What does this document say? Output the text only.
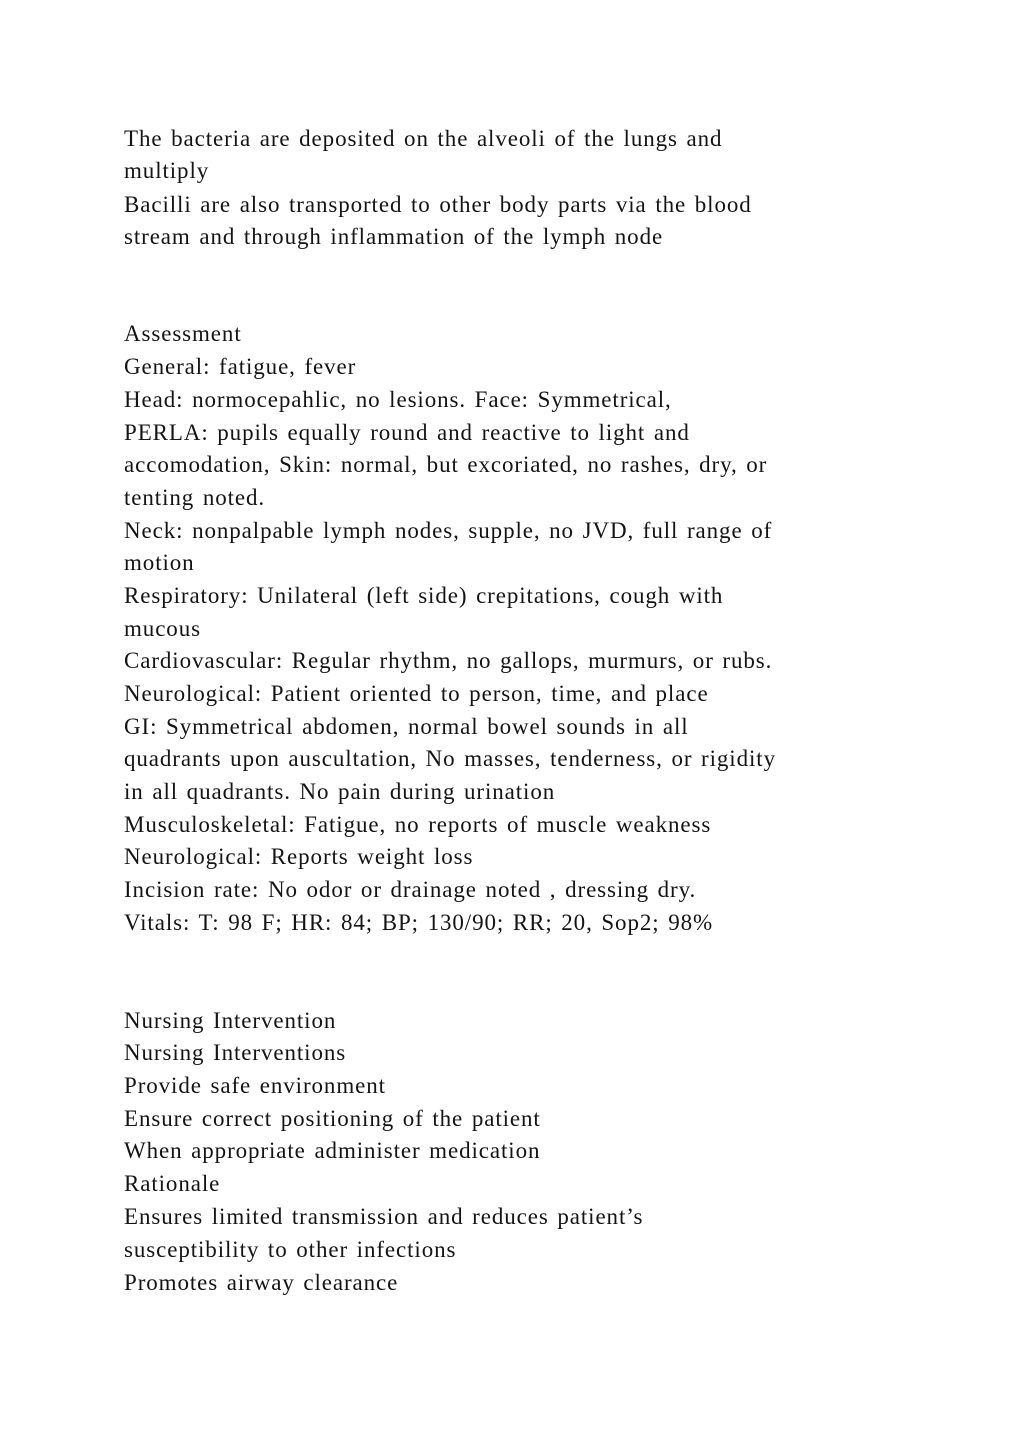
The bacteria are deposited on the alveoli of the lungs and

multiply

Bacilli are also transported to other body parts via the blood

stream and through inflammation of the lymph node

Assessment

General: fatigue, fever

Head: normocepahlic, no lesions. Face: Symmetrical,

PERLA: pupils equally round and reactive to light and

accomodation, Skin: normal, but excoriated, no rashes, dry, or

tenting noted.

Neck: nonpalpable lymph nodes, supple, no JVD, full range of

motion

Respiratory: Unilateral (left side) crepitations, cough with

mucous

Cardiovascular: Regular rhythm, no gallops, murmurs, or rubs.

Neurological: Patient oriented to person, time, and place

GI: Symmetrical abdomen, normal bowel sounds in all

quadrants upon auscultation, No masses, tenderness, or rigidity

in all quadrants. No pain during urination

Musculoskeletal: Fatigue, no reports of muscle weakness

Neurological: Reports weight loss

Incision rate: No odor or drainage noted , dressing dry.

Vitals: T: 98 F; HR: 84; BP; 130/90; RR; 20, Sop2; 98%

Nursing Intervention

Nursing Interventions

Provide safe environment

Ensure correct positioning of the patient

When appropriate administer medication

Rationale

Ensures limited transmission and reduces patient’s

susceptibility to other infections

Promotes airway clearance
